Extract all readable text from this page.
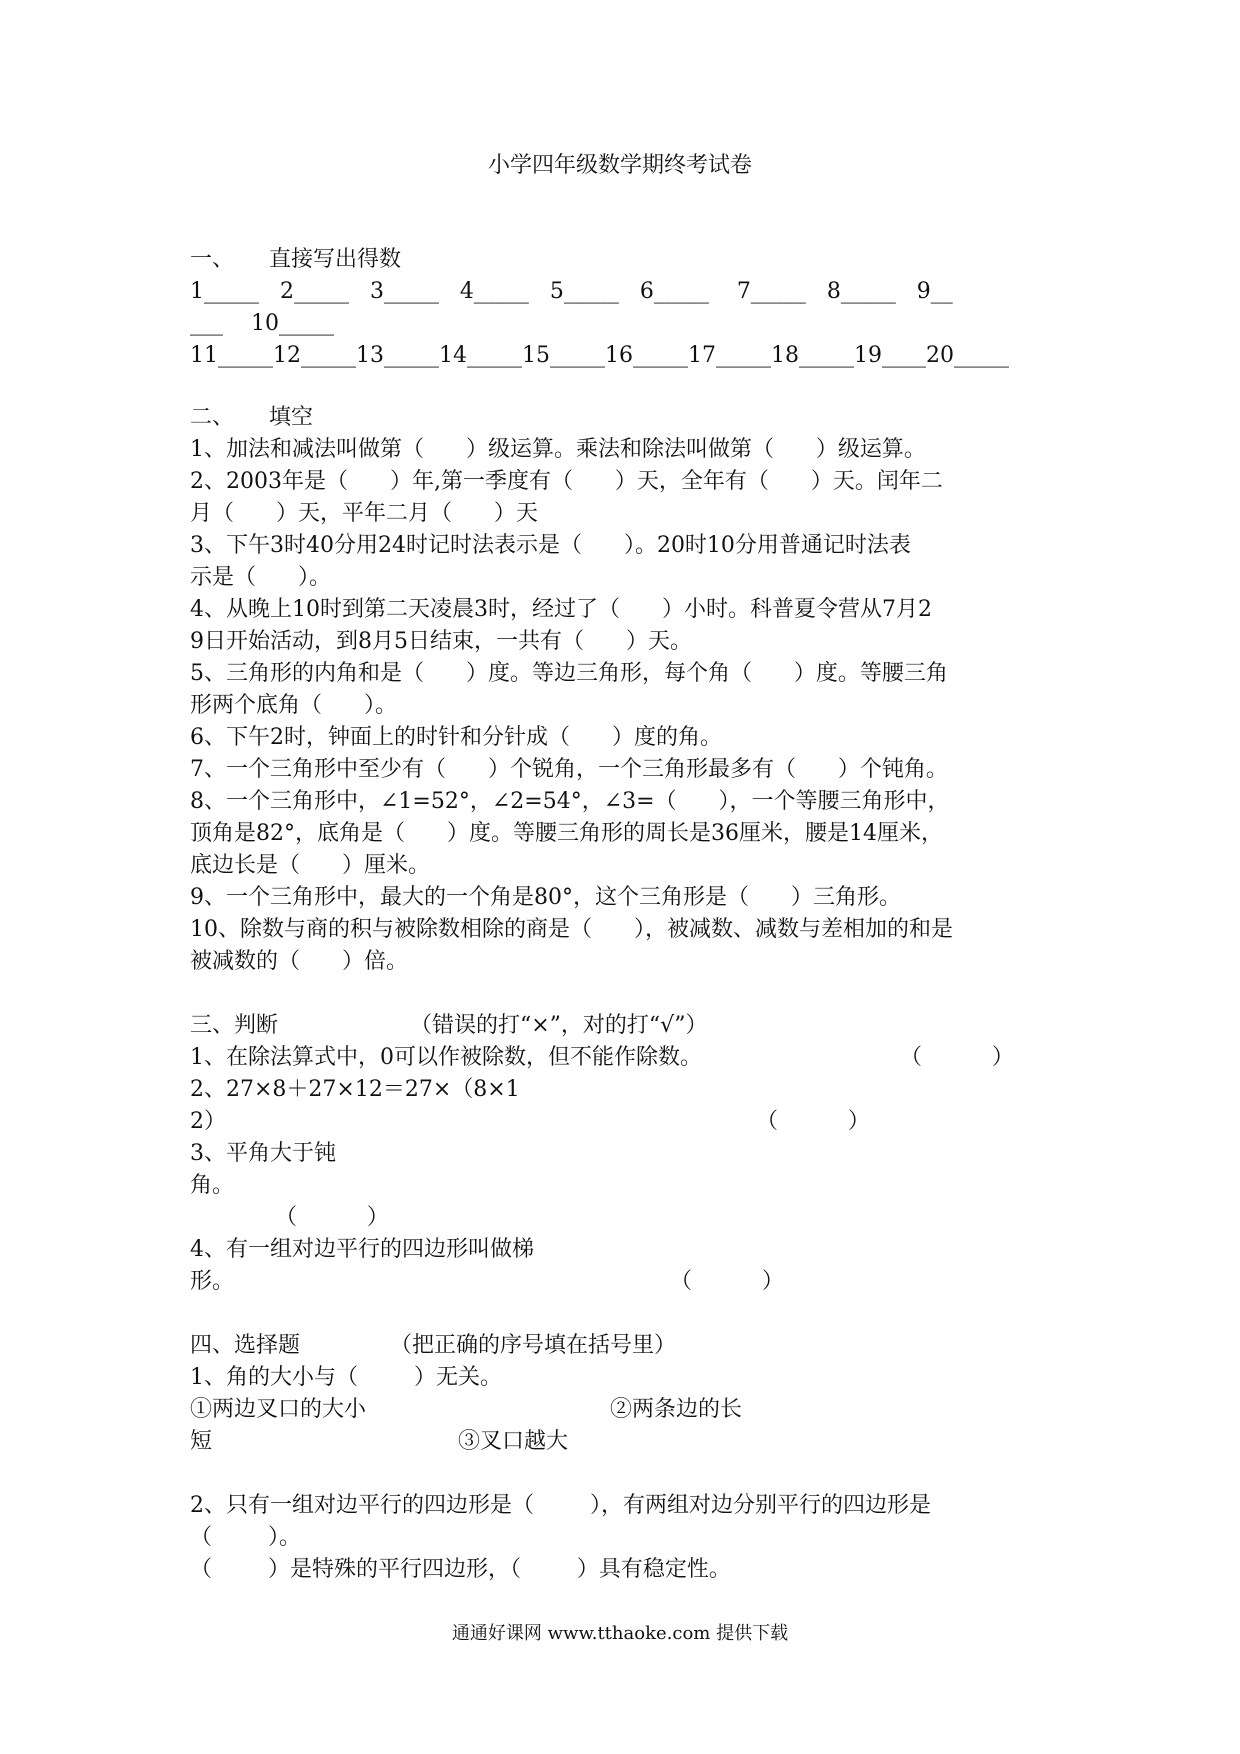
小学四年级数学期终考试卷
一、     直接写出得数
1_____   2_____   3_____   4_____   5_____   6_____    7_____   8_____   9__
___    10_____
11_____12_____13_____14_____15_____16_____17_____18_____19____20_____
二、     填空
1、加法和减法叫做第（      ）级运算。乘法和除法叫做第（      ）级运算。
2、2003年是（      ）年,第一季度有（      ）天，全年有（      ）天。闰年二
月（      ）天，平年二月（      ）天
3、下午3时40分用24时记时法表示是（      ）。20时10分用普通记时法表
示是（      ）。
4、从晚上10时到第二天凌晨3时，经过了（      ）小时。科普夏令营从7月2
9日开始活动，到8月5日结束，一共有（      ）天。
5、三角形的内角和是（      ）度。等边三角形，每个角（      ）度。等腰三角
形两个底角（      ）。
6、下午2时，钟面上的时针和分针成（      ）度的角。
7、一个三角形中至少有（      ）个锐角，一个三角形最多有（      ）个钝角。
8、一个三角形中，∠1=52°，∠2=54°，∠3=（      ），一个等腰三角形中，
顶角是82°，底角是（      ）度。等腰三角形的周长是36厘米，腰是14厘米，
底边长是（      ）厘米。
9、一个三角形中，最大的一个角是80°，这个三角形是（      ）三角形。
10、除数与商的积与被除数相除的商是（      ），被减数、减数与差相加的和是
被减数的（      ）倍。
三、判断	（错误的打“×”，对的打“√”）
1、在除法算式中，0可以作被除数，但不能作除数。	（          ）
2、27×8＋27×12＝27×（8×1
2）	（          ）
3、平角大于钝
角。
（          ）
4、有一组对边平行的四边形叫做梯
形。	（          ）
四、选择题	（把正确的序号填在括号里）
1、角的大小与（        ）无关。
①两边叉口的大小	②两条边的长
短	③叉口越大
2、只有一组对边平行的四边形是（        ），有两组对边分别平行的四边形是
（        ）。
（        ）是特殊的平行四边形，（        ）具有稳定性。
通通好课网 www.tthaoke.com 提供下载
